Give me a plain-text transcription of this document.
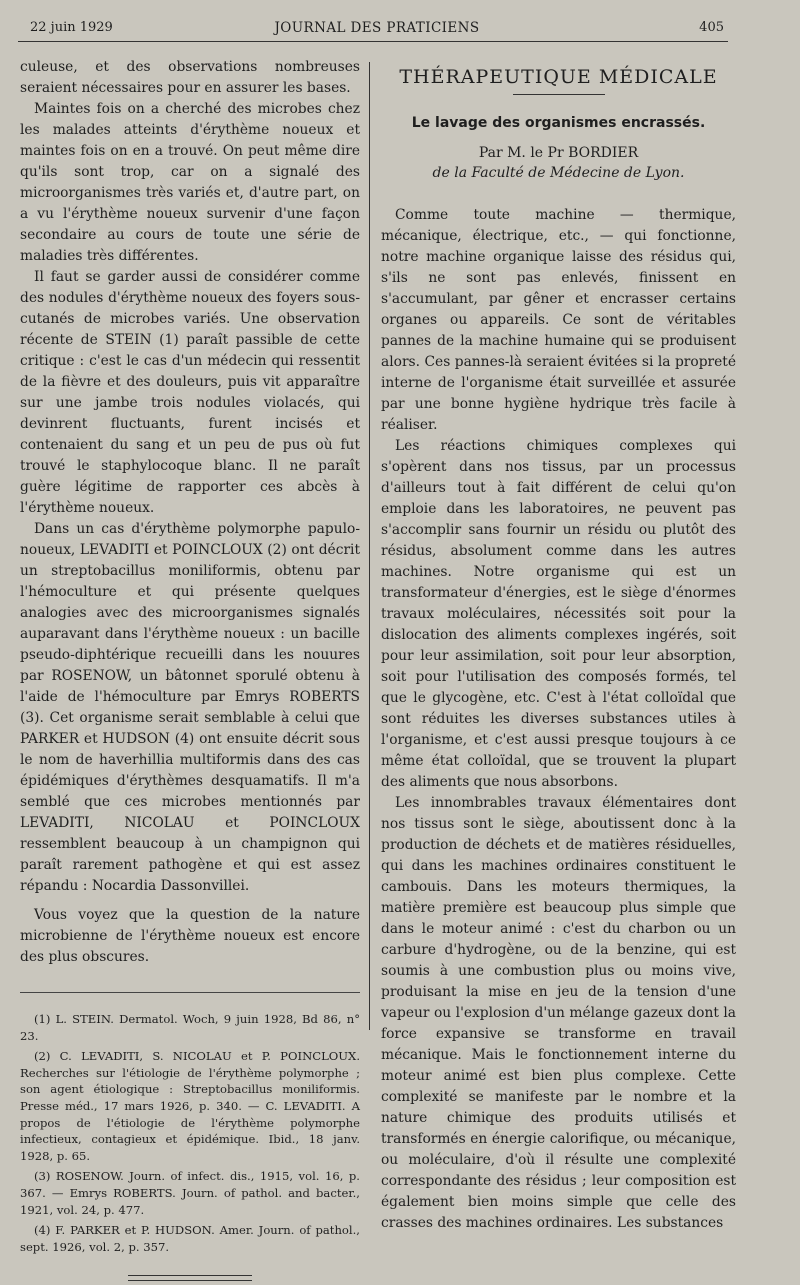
22 juin 1929	JOURNAL DES PRATICIENS	405

culeuse, et des observations nombreuses seraient nécessaires pour en assurer les bases.

Maintes fois on a cherché des microbes chez les malades atteints d'érythème noueux et maintes fois on en a trouvé. On peut même dire qu'ils sont trop, car on a signalé des microorganismes très variés et, d'autre part, on a vu l'érythème noueux survenir d'une façon secondaire au cours de toute une série de maladies très différentes.

Il faut se garder aussi de considérer comme des nodules d'érythème noueux des foyers sous-cutanés de microbes variés. Une observation récente de STEIN (1) paraît passible de cette critique : c'est le cas d'un médecin qui ressentit de la fièvre et des douleurs, puis vit apparaître sur une jambe trois nodules violacés, qui devinrent fluctuants, furent incisés et contenaient du sang et un peu de pus où fut trouvé le staphylocoque blanc. Il ne paraît guère légitime de rapporter ces abcès à l'érythème noueux.

Dans un cas d'érythème polymorphe papulo-noueux, LEVADITI et POINCLOUX (2) ont décrit un streptobacillus moniliformis, obtenu par l'hémoculture et qui présente quelques analogies avec des microorganismes signalés auparavant dans l'érythème noueux : un bacille pseudo-diphtérique recueilli dans les nouures par ROSENOW, un bâtonnet sporulé obtenu à l'aide de l'hémoculture par Emrys ROBERTS (3). Cet organisme serait semblable à celui que PARKER et HUDSON (4) ont ensuite décrit sous le nom de haverhillia multiformis dans des cas épidémiques d'érythèmes desquamatifs. Il m'a semblé que ces microbes mentionnés par LEVADITI, NICOLAU et POINCLOUX ressemblent beaucoup à un champignon qui paraît rarement pathogène et qui est assez répandu : Nocardia Dassonvillei.

Vous voyez que la question de la nature microbienne de l'érythème noueux est encore des plus obscures.

(1) L. STEIN. Dermatol. Woch, 9 juin 1928, Bd 86, n° 23.

(2) C. LEVADITI, S. NICOLAU et P. POINCLOUX. Recherches sur l'étiologie de l'érythème polymorphe ; son agent étiologique : Streptobacillus moniliformis. Presse méd., 17 mars 1926, p. 340. — C. LEVADITI. A propos de l'étiologie de l'érythème polymorphe infectieux, contagieux et épidémique. Ibid., 18 janv. 1928, p. 65.

(3) ROSENOW. Journ. of infect. dis., 1915, vol. 16, p. 367. — Emrys ROBERTS. Journ. of pathol. and bacter., 1921, vol. 24, p. 477.

(4) F. PARKER et P. HUDSON. Amer. Journ. of pathol., sept. 1926, vol. 2, p. 357.

THÉRAPEUTIQUE MÉDICALE
Le lavage des organismes encrassés.

Par M. le Pr BORDIER

de la Faculté de Médecine de Lyon.

Comme toute machine — thermique, mécanique, électrique, etc., — qui fonctionne, notre machine organique laisse des résidus qui, s'ils ne sont pas enlevés, finissent en s'accumulant, par gêner et encrasser certains organes ou appareils. Ce sont de véritables pannes de la machine humaine qui se produisent alors. Ces pannes-là seraient évitées si la propreté interne de l'organisme était surveillée et assurée par une bonne hygiène hydrique très facile à réaliser.

Les réactions chimiques complexes qui s'opèrent dans nos tissus, par un processus d'ailleurs tout à fait différent de celui qu'on emploie dans les laboratoires, ne peuvent pas s'accomplir sans fournir un résidu ou plutôt des résidus, absolument comme dans les autres machines. Notre organisme qui est un transformateur d'énergies, est le siège d'énormes travaux moléculaires, nécessités soit pour la dislocation des aliments complexes ingérés, soit pour leur assimilation, soit pour leur absorption, soit pour l'utilisation des composés formés, tel que le glycogène, etc. C'est à l'état colloïdal que sont réduites les diverses substances utiles à l'organisme, et c'est aussi presque toujours à ce même état colloïdal, que se trouvent la plupart des aliments que nous absorbons.

Les innombrables travaux élémentaires dont nos tissus sont le siège, aboutissent donc à la production de déchets et de matières résiduelles, qui dans les machines ordinaires constituent le cambouis. Dans les moteurs thermiques, la matière première est beaucoup plus simple que dans le moteur animé : c'est du charbon ou un carbure d'hydrogène, ou de la benzine, qui est soumis à une combustion plus ou moins vive, produisant la mise en jeu de la tension d'une vapeur ou l'explosion d'un mélange gazeux dont la force expansive se transforme en travail mécanique. Mais le fonctionnement interne du moteur animé est bien plus complexe. Cette complexité se manifeste par le nombre et la nature chimique des produits utilisés et transformés en énergie calorifique, ou mécanique, ou moléculaire, d'où il résulte une complexité correspondante des résidus ; leur composition est également bien moins simple que celle des crasses des machines ordinaires. Les substances
